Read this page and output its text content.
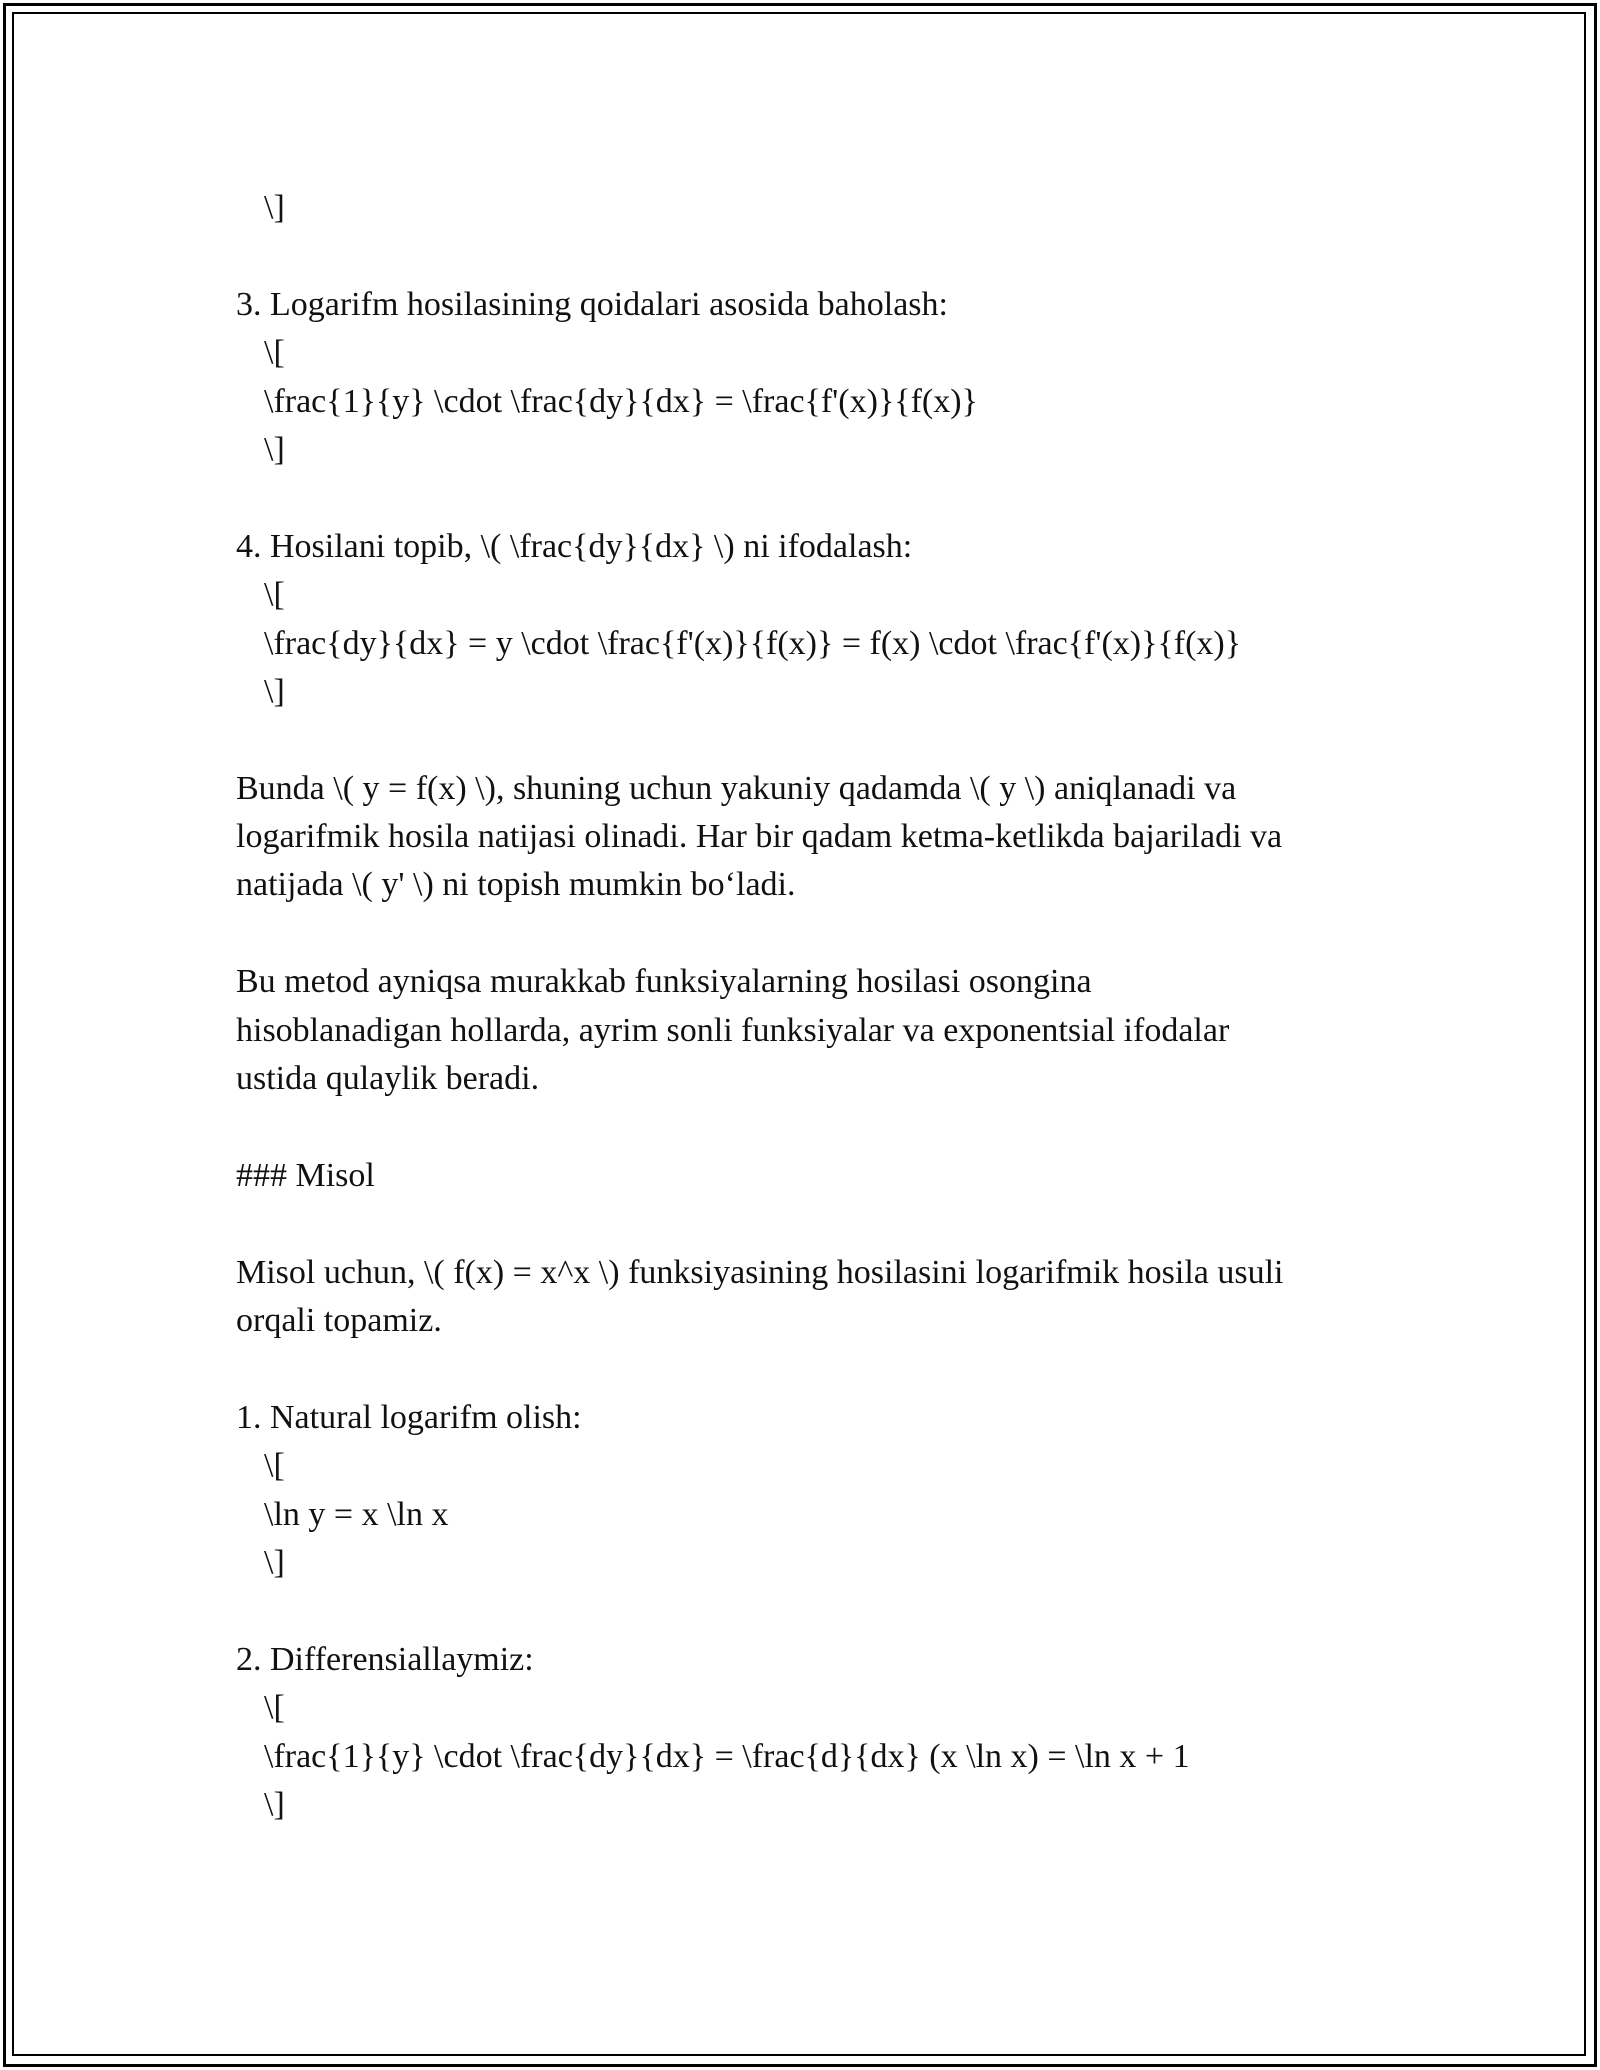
\]
3. Logarifm hosilasining qoidalari asosida baholash:
\[
\frac{1}{y} \cdot \frac{dy}{dx} = \frac{f'(x)}{f(x)}
\]
4. Hosilani topib, \( \frac{dy}{dx} \) ni ifodalash:
\[
\frac{dy}{dx} = y \cdot \frac{f'(x)}{f(x)} = f(x) \cdot \frac{f'(x)}{f(x)}
\]
Bunda \( y = f(x) \), shuning uchun yakuniy qadamda \( y \) aniqlanadi va
logarifmik hosila natijasi olinadi. Har bir qadam ketma-ketlikda bajariladi va
natijada \( y' \) ni topish mumkin bo‘ladi.
Bu metod ayniqsa murakkab funksiyalarning hosilasi osongina
hisoblanadigan hollarda, ayrim sonli funksiyalar va exponentsial ifodalar
ustida qulaylik beradi.
### Misol
Misol uchun, \( f(x) = x^x \) funksiyasining hosilasini logarifmik hosila usuli
orqali topamiz.
1. Natural logarifm olish:
\[
\ln y = x \ln x
\]
2. Differensiallaymiz:
\[
\frac{1}{y} \cdot \frac{dy}{dx} = \frac{d}{dx} (x \ln x) = \ln x + 1
\]
